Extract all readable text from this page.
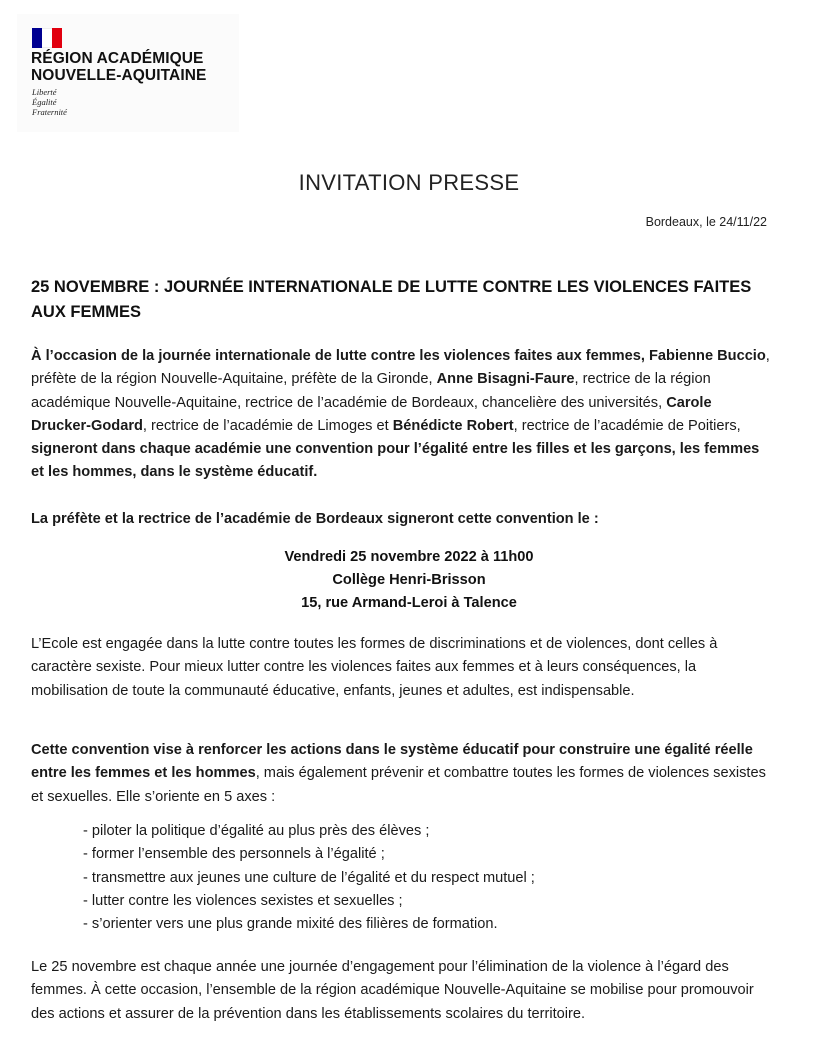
RÉGION ACADÉMIQUE
NOUVELLE-AQUITAINE
Liberté
Égalité
Fraternité
INVITATION PRESSE
Bordeaux, le 24/11/22
25 NOVEMBRE : JOURNÉE INTERNATIONALE DE LUTTE CONTRE LES VIOLENCES FAITES AUX FEMMES
À l’occasion de la journée internationale de lutte contre les violences faites aux femmes, Fabienne Buccio, préfète de la région Nouvelle-Aquitaine, préfète de la Gironde, Anne Bisagni-Faure, rectrice de la région académique Nouvelle-Aquitaine, rectrice de l’académie de Bordeaux, chancelière des universités, Carole Drucker-Godard, rectrice de l’académie de Limoges et Bénédicte Robert, rectrice de l’académie de Poitiers, signeront dans chaque académie une convention pour l’égalité entre les filles et les garçons, les femmes et les hommes, dans le système éducatif.
La préfète et la rectrice de l’académie de Bordeaux signeront cette convention le :
Vendredi 25 novembre 2022 à 11h00
Collège Henri-Brisson
15, rue Armand-Leroi à Talence
L’Ecole est engagée dans la lutte contre toutes les formes de discriminations et de violences, dont celles à caractère sexiste. Pour mieux lutter contre les violences faites aux femmes et à leurs conséquences, la mobilisation de toute la communauté éducative, enfants, jeunes et adultes, est indispensable.
Cette convention vise à renforcer les actions dans le système éducatif pour construire une égalité réelle entre les femmes et les hommes, mais également prévenir et combattre toutes les formes de violences sexistes et sexuelles. Elle s’oriente en 5 axes :
- piloter la politique d’égalité au plus près des élèves ;
- former l’ensemble des personnels à l’égalité ;
- transmettre aux jeunes une culture de l’égalité et du respect mutuel ;
- lutter contre les violences sexistes et sexuelles ;
- s’orienter vers une plus grande mixité des filières de formation.
Le 25 novembre est chaque année une journée d’engagement pour l’élimination de la violence à l’égard des femmes. À cette occasion, l’ensemble de la région académique Nouvelle-Aquitaine se mobilise pour promouvoir des actions et assurer de la prévention dans les établissements scolaires du territoire.
